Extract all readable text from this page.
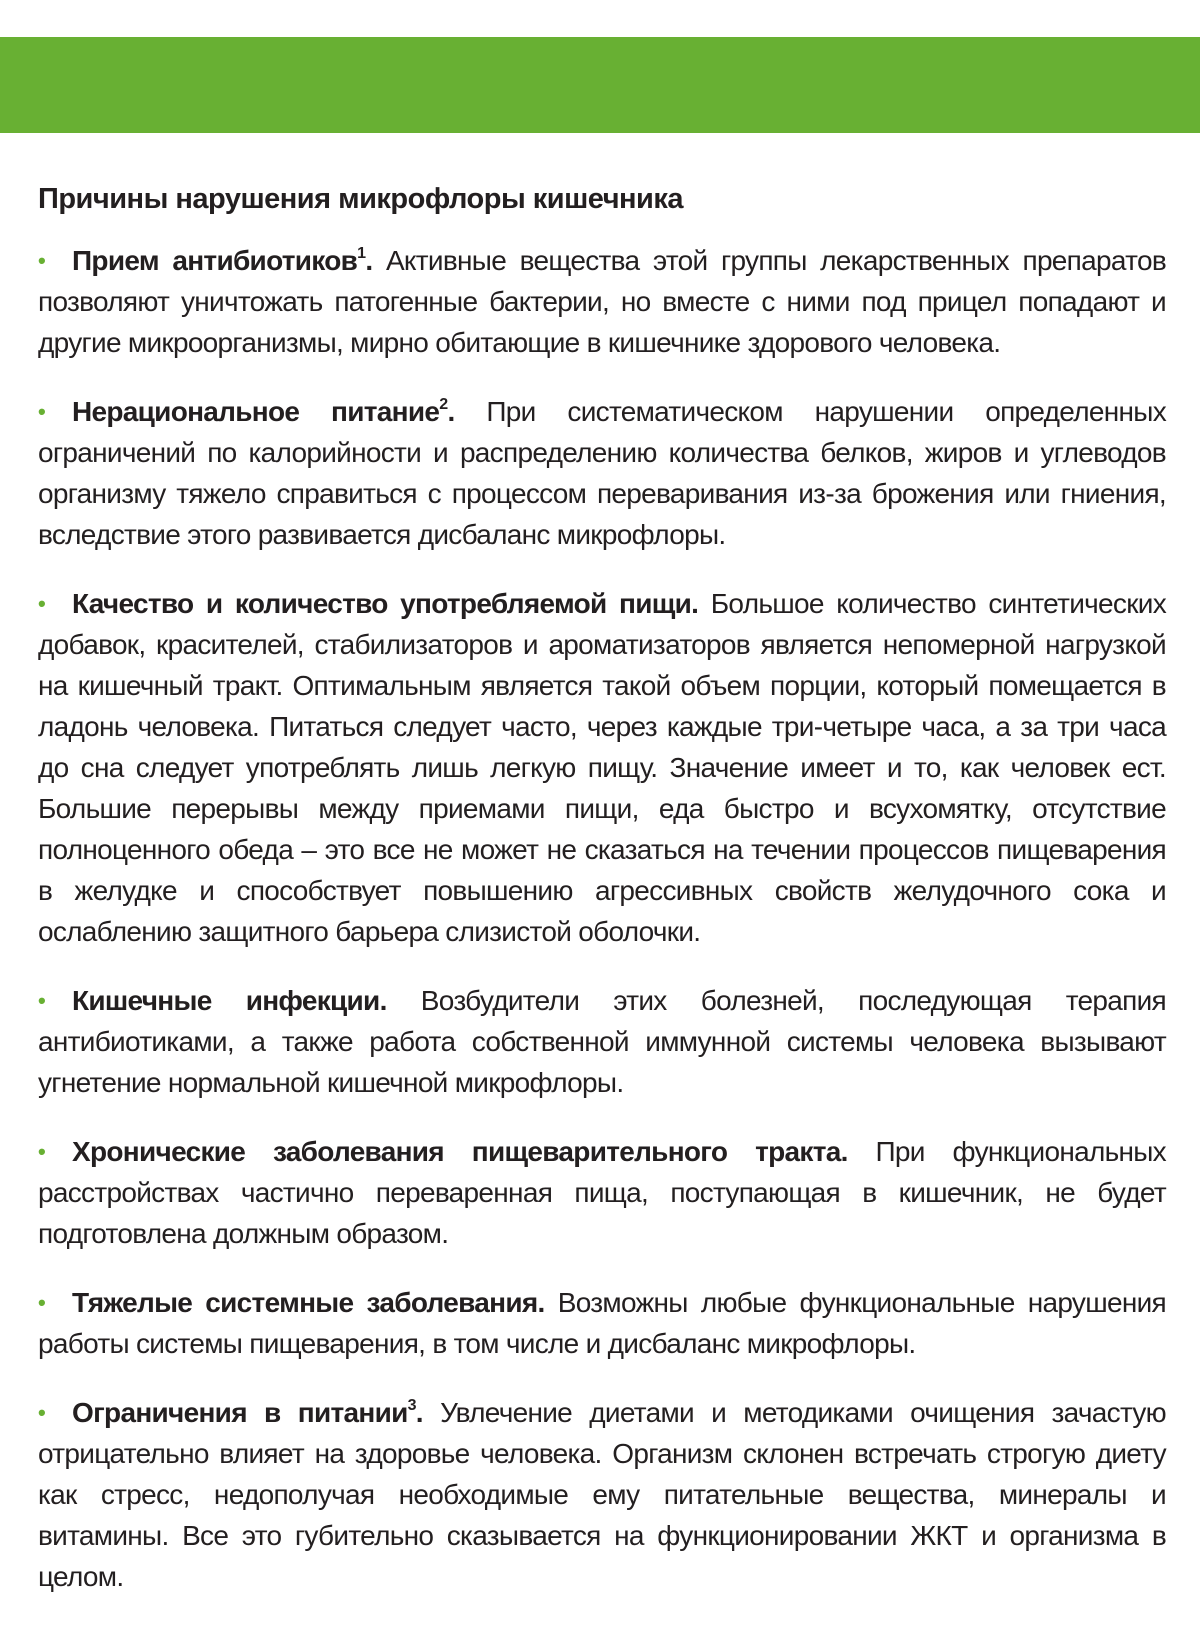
Причины нарушения микрофлоры кишечника

• Прием антибиотиков$^1$. Активные вещества этой группы лекарственных препаратов позволяют уничтожать патогенные бактерии, но вместе с ними под прицел попадают и другие микроорганизмы, мирно обитающие в кишечнике здорового человека.

• Нерациональное питание$^2$. При систематическом нарушении определенных ограничений по калорийности и распределению количества белков, жиров и углеводов организму тяжело справиться с процессом переваривания из-за брожения или гниения, вследствие этого развивается дисбаланс микрофлоры.

• Качество и количество употребляемой пищи. Большое количество синтетических добавок, красителей, стабилизаторов и ароматизаторов является непомерной нагрузкой на кишечный тракт. Оптимальным является такой объем порции, который помещается в ладонь человека. Питаться следует часто, через каждые три-четыре часа, а за три часа до сна следует употреблять лишь легкую пищу. Значение имеет и то, как человек ест. Большие перерывы между приемами пищи, еда быстро и всухомятку, отсутствие полноценного обеда – это все не может не сказаться на течении процессов пищеварения в желудке и способствует повышению агрессивных свойств желудочного сока и ослаблению защитного барьера слизистой оболочки.

• Кишечные инфекции. Возбудители этих болезней, последующая терапия антибиотиками, а также работа собственной иммунной системы человека вызывают угнетение нормальной кишечной микрофлоры.

• Хронические заболевания пищеварительного тракта. При функциональных расстройствах частично переваренная пища, поступающая в кишечник, не будет подготовлена должным образом.

• Тяжелые системные заболевания. Возможны любые функциональные нарушения работы системы пищеварения, в том числе и дисбаланс микрофлоры.

• Ограничения в питании$^3$. Увлечение диетами и методиками очищения зачастую отрицательно влияет на здоровье человека. Организм склонен встречать строгую диету как стресс, недополучая необходимые ему питательные вещества, минералы и витамины. Все это губительно сказывается на функционировании ЖКТ и организма в целом.
